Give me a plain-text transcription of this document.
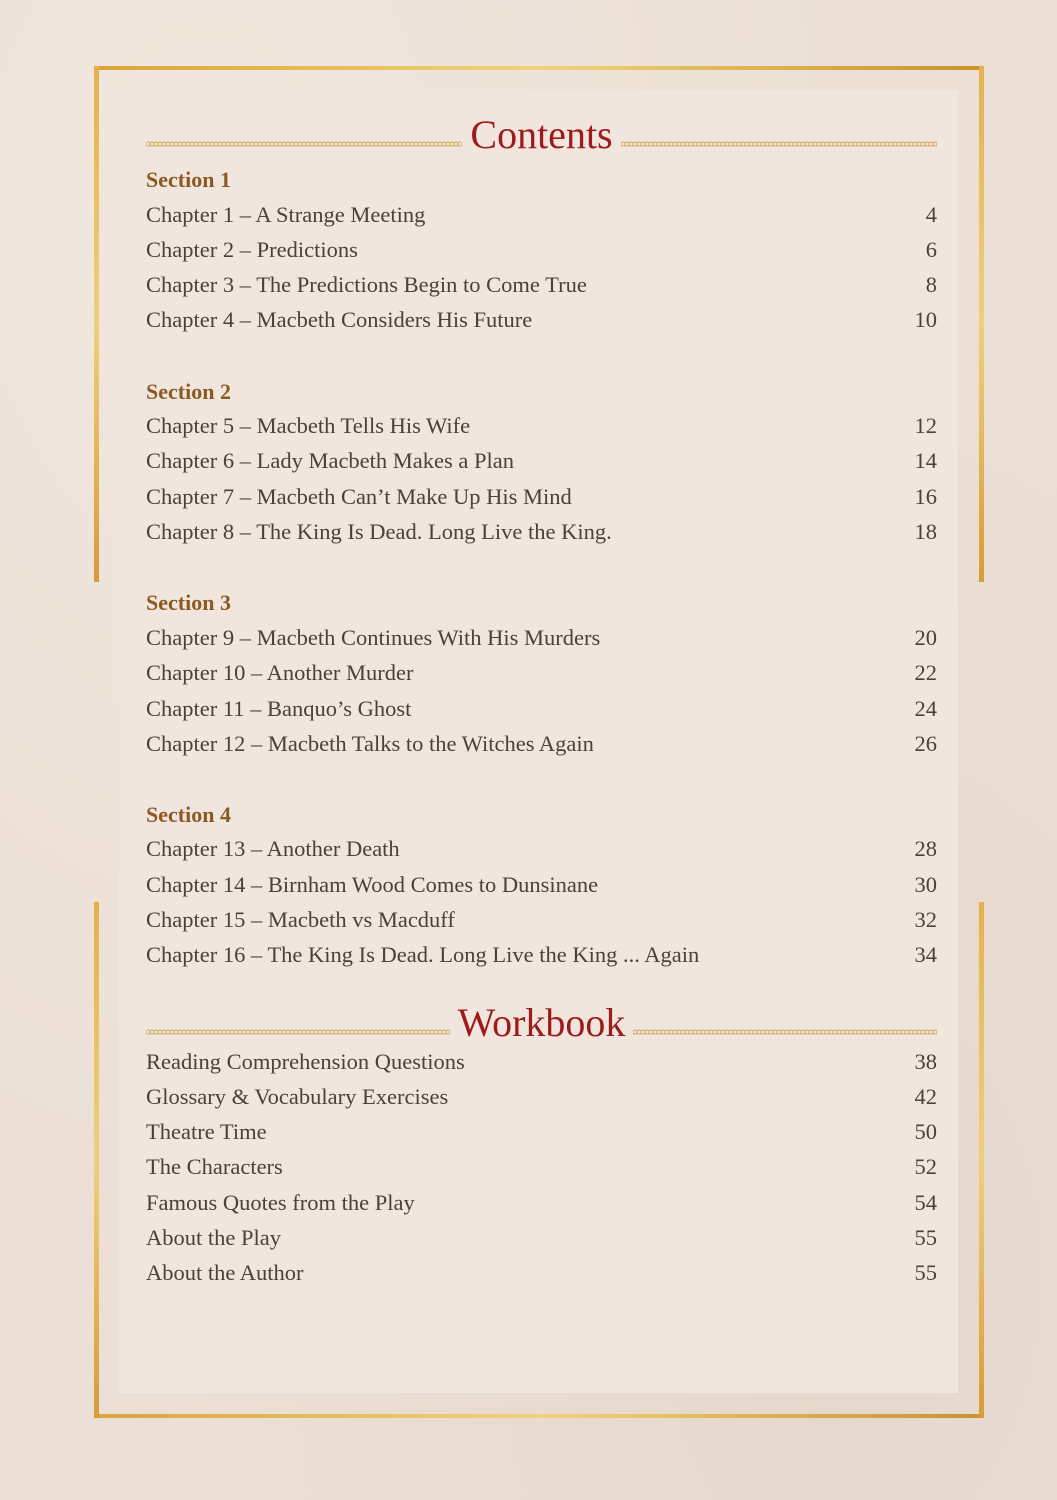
Contents
Section 1
Chapter 1 – A Strange Meeting	4
Chapter 2 – Predictions	6
Chapter 3 – The Predictions Begin to Come True	8
Chapter 4 – Macbeth Considers His Future	10
Section 2
Chapter 5 – Macbeth Tells His Wife	12
Chapter 6 – Lady Macbeth Makes a Plan	14
Chapter 7 – Macbeth Can’t Make Up His Mind	16
Chapter 8 – The King Is Dead. Long Live the King.	18
Section 3
Chapter 9 – Macbeth Continues With His Murders	20
Chapter 10 – Another Murder	22
Chapter 11 – Banquo’s Ghost	24
Chapter 12 – Macbeth Talks to the Witches Again	26
Section 4
Chapter 13 – Another Death	28
Chapter 14 – Birnham Wood Comes to Dunsinane	30
Chapter 15 – Macbeth vs Macduff	32
Chapter 16 – The King Is Dead. Long Live the King ... Again	34
Workbook
Reading Comprehension Questions	38
Glossary & Vocabulary Exercises	42
Theatre Time	50
The Characters	52
Famous Quotes from the Play	54
About the Play	55
About the Author	55
